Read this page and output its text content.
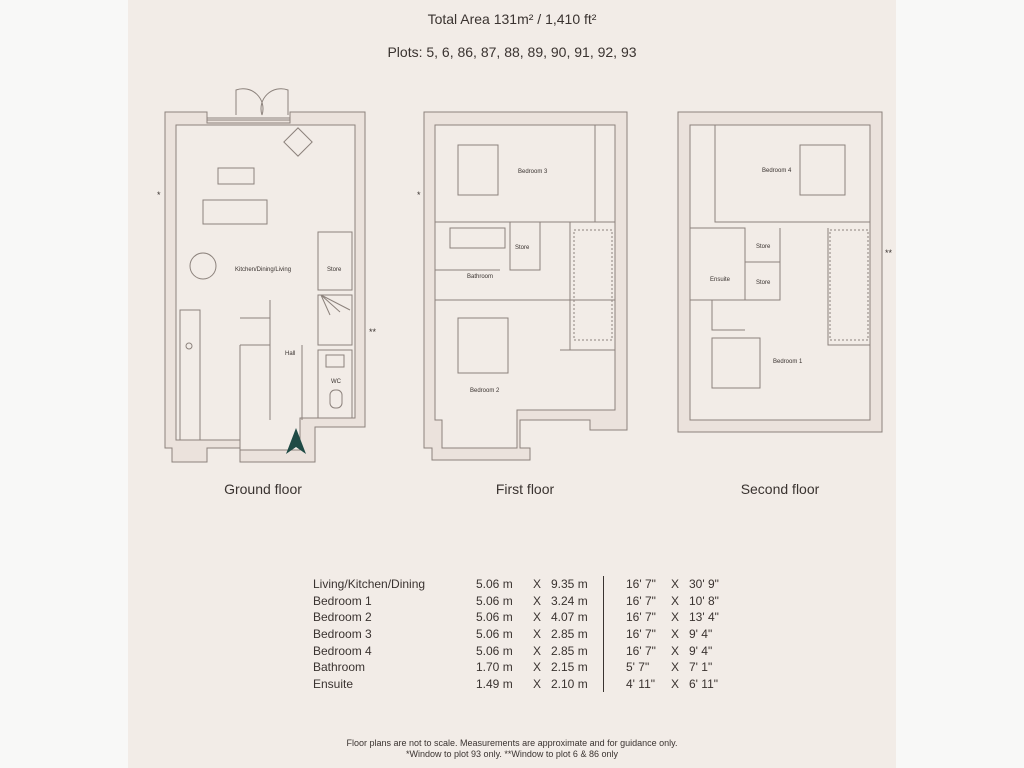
Total Area 131m² / 1,410 ft²
Plots: 5, 6, 86, 87, 88, 89, 90, 91, 92, 93
Kitchen/Dining/Living	Store
Hall
WC
*
**
Bedroom 3
Bathroom
Store
Bedroom 2
*
Bedroom 4
Store
Ensuite	Store
Bedroom 1
**
Ground floor	First floor	Second floor
Living/Kitchen/Dining	5.06 m	X	9.35 m		16' 7"	X	30' 9"
Bedroom 1	5.06 m	X	3.24 m		16' 7"	X	10' 8"
Bedroom 2	5.06 m	X	4.07 m		16' 7"	X	13' 4"
Bedroom 3	5.06 m	X	2.85 m		16' 7"	X	9' 4"
Bedroom 4	5.06 m	X	2.85 m		16' 7"	X	9' 4"
Bathroom	1.70 m	X	2.15 m		5' 7"	X	7' 1"
Ensuite	1.49 m	X	2.10 m		4' 11"	X	6' 11"
Floor plans are not to scale. Measurements are approximate and for guidance only.
*Window to plot 93 only. **Window to plot 6 & 86 only
